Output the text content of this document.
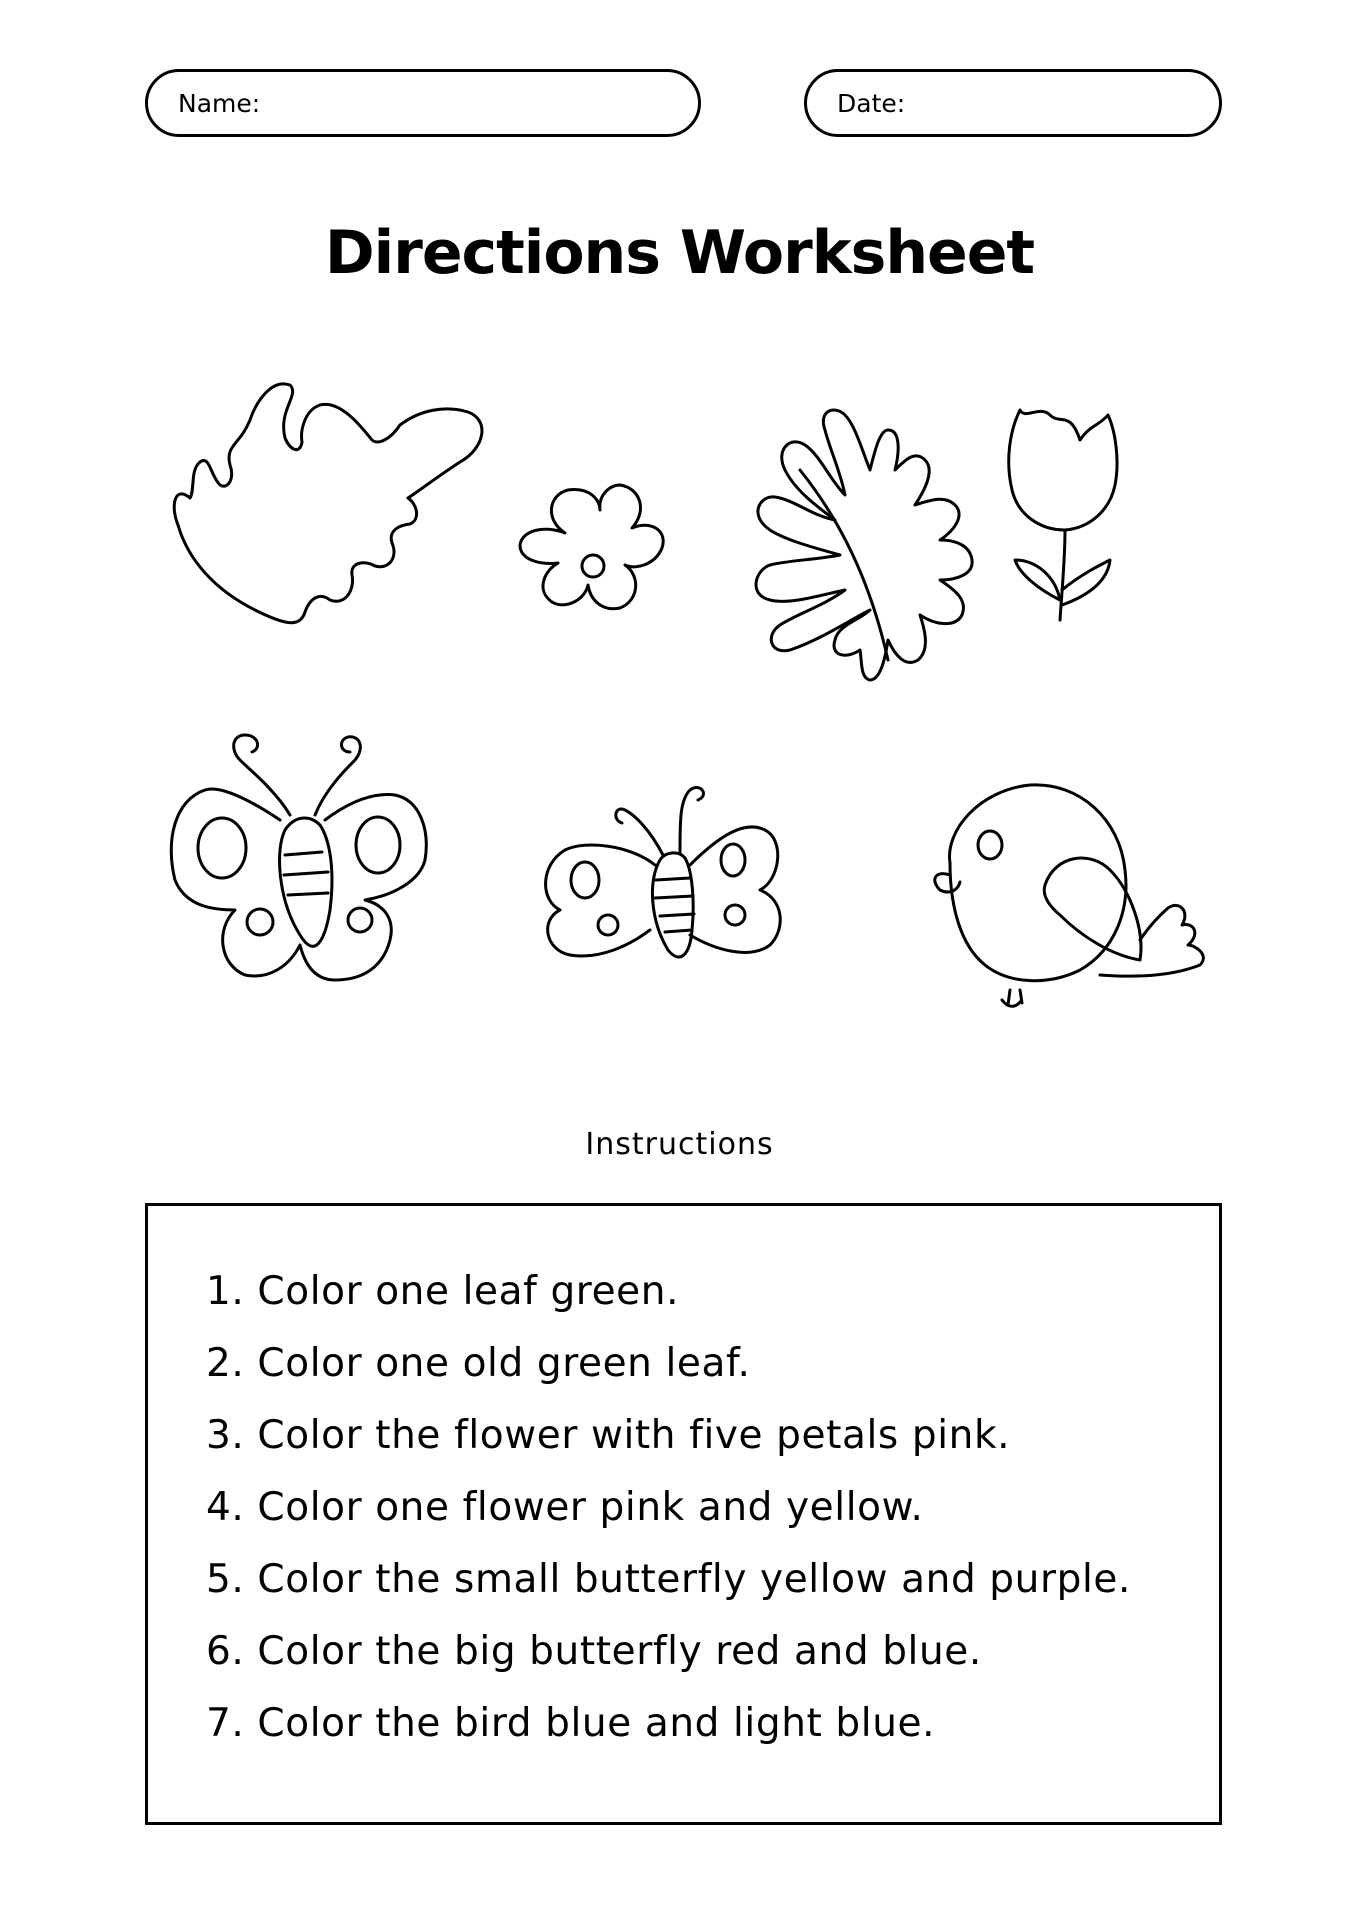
Name:	Date:
Directions Worksheet
Instructions
1. Color one leaf green.
2. Color one old green leaf.
3. Color the flower with five petals pink.
4. Color one flower pink and yellow.
5. Color the small butterfly yellow and purple.
6. Color the big butterfly red and blue.
7. Color the bird blue and light blue.
